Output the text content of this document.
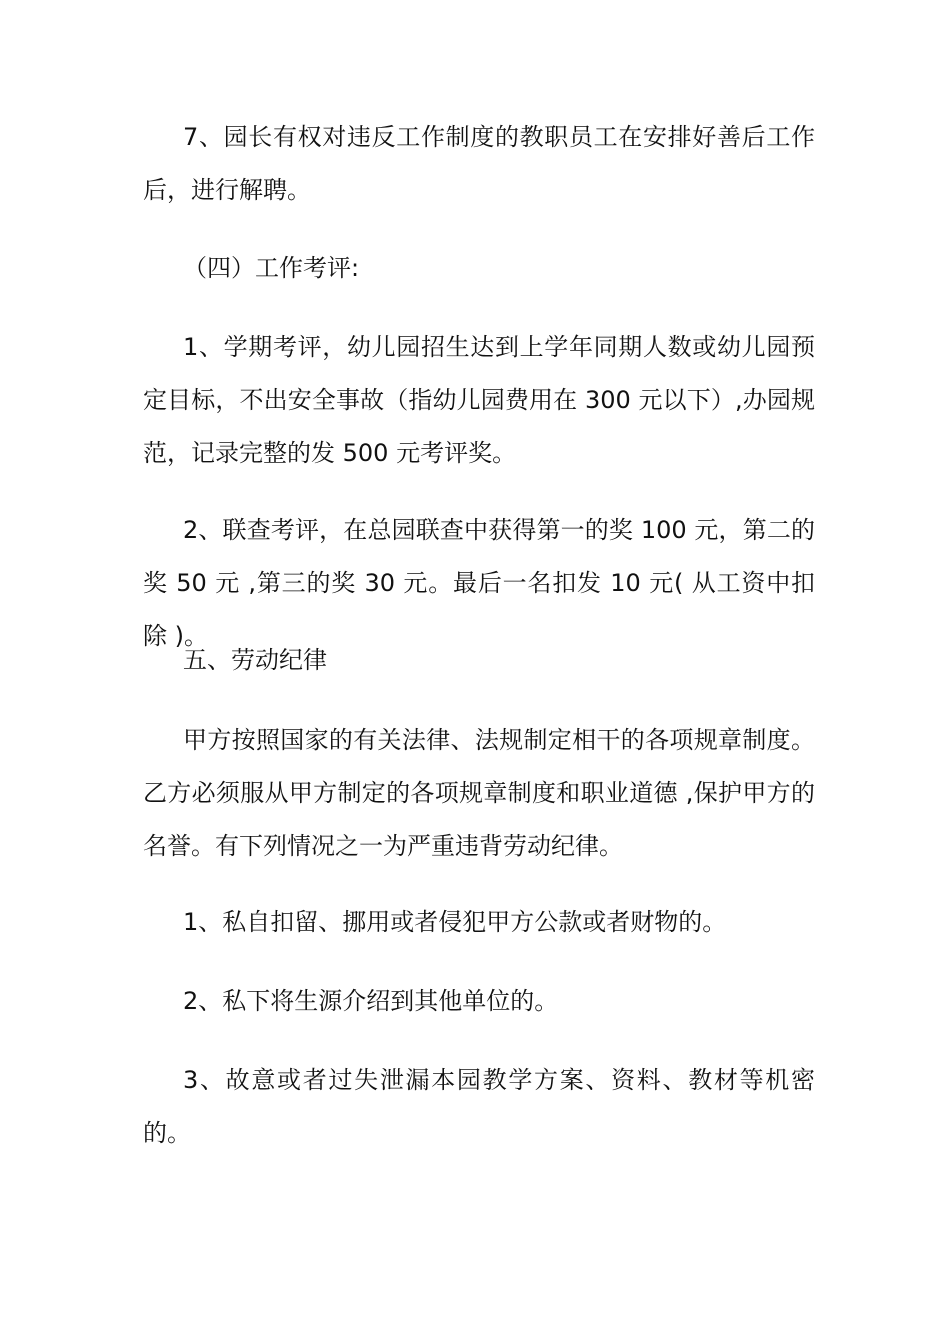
7、园长有权对违反工作制度的教职员工在安排好善后工作后，进行解聘。

（四）工作考评:

1、学期考评，幼儿园招生达到上学年同期人数或幼儿园预定目标，不出安全事故（指幼儿园费用在 300 元以下）,办园规范，记录完整的发 500 元考评奖。

2、联查考评，在总园联查中获得第一的奖 100 元，第二的奖 50 元 ,第三的奖 30 元。最后一名扣发 10 元( 从工资中扣除 )。

五、劳动纪律

甲方按照国家的有关法律、法规制定相干的各项规章制度。乙方必须服从甲方制定的各项规章制度和职业道德 ,保护甲方的名誉。有下列情况之一为严重违背劳动纪律。

1、私自扣留、挪用或者侵犯甲方公款或者财物的。

2、私下将生源介绍到其他单位的。

3、故意或者过失泄漏本园教学方案、资料、教材等机密的。
